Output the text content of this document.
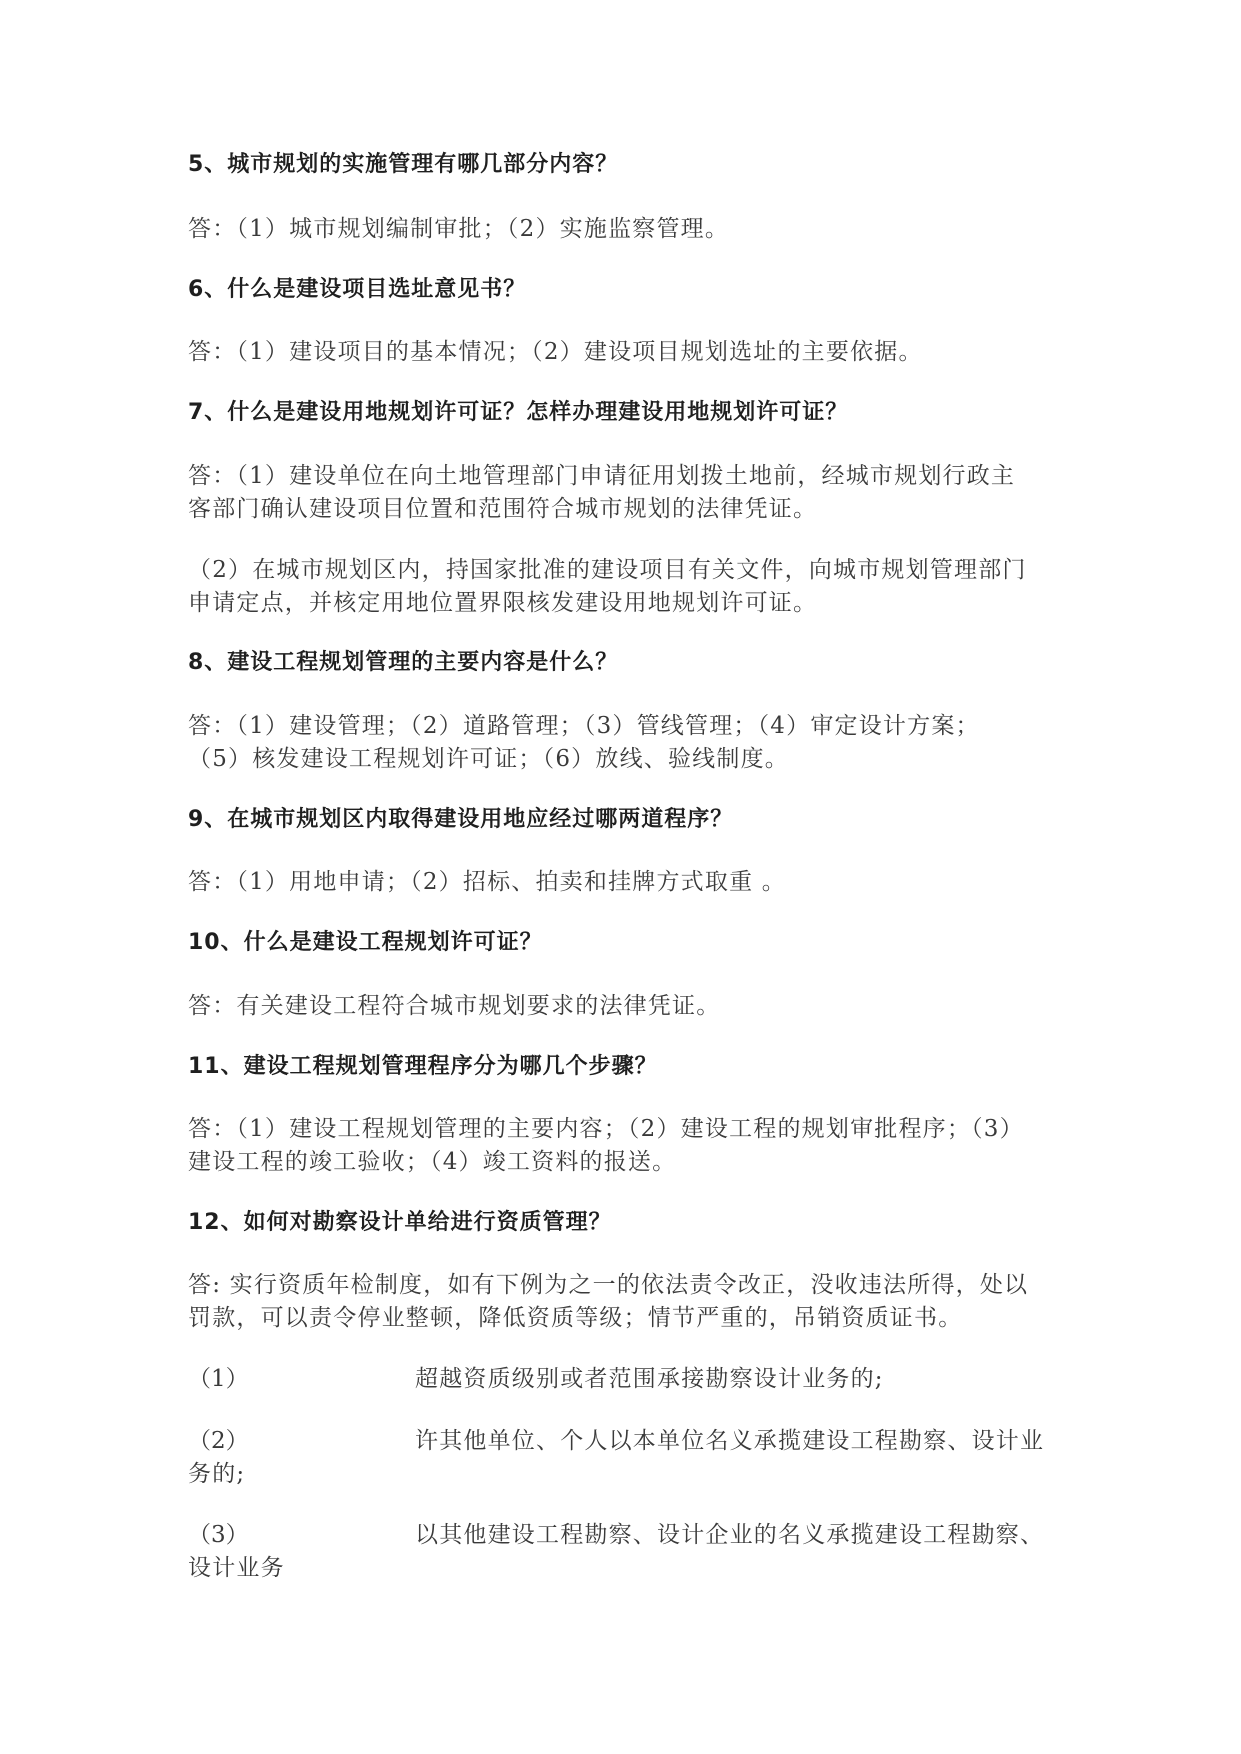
5、城市规划的实施管理有哪几部分内容？
答：（1）城市规划编制审批；（2）实施监察管理。
6、什么是建设项目选址意见书？
答：（1）建设项目的基本情况；（2）建设项目规划选址的主要依据。
7、什么是建设用地规划许可证？怎样办理建设用地规划许可证？
答：（1）建设单位在向土地管理部门申请征用划拨土地前，经城市规划行政主
客部门确认建设项目位置和范围符合城市规划的法律凭证。
（2）在城市规划区内，持国家批准的建设项目有关文件，向城市规划管理部门
申请定点，并核定用地位置界限核发建设用地规划许可证。
8、建设工程规划管理的主要内容是什么？
答：（1）建设管理；（2）道路管理；（3）管线管理；（4）审定设计方案；
（5）核发建设工程规划许可证；（6）放线、验线制度。
9、在城市规划区内取得建设用地应经过哪两道程序？
答：（1）用地申请；（2）招标、拍卖和挂牌方式取重 。
10、什么是建设工程规划许可证？
答：有关建设工程符合城市规划要求的法律凭证。
11、建设工程规划管理程序分为哪几个步骤？
答：（1）建设工程规划管理的主要内容；（2）建设工程的规划审批程序；（3）
建设工程的竣工验收；（4）竣工资料的报送。
12、如何对勘察设计单给进行资质管理？
答: 实行资质年检制度，如有下例为之一的依法责令改正，没收违法所得，处以
罚款，可以责令停业整顿，降低资质等级；情节严重的，吊销资质证书。
（1）	超越资质级别或者范围承接勘察设计业务的;
（2）	许其他单位、个人以本单位名义承揽建设工程勘察、设计业
务的;
（3）	以其他建设工程勘察、设计企业的名义承揽建设工程勘察、
设计业务
